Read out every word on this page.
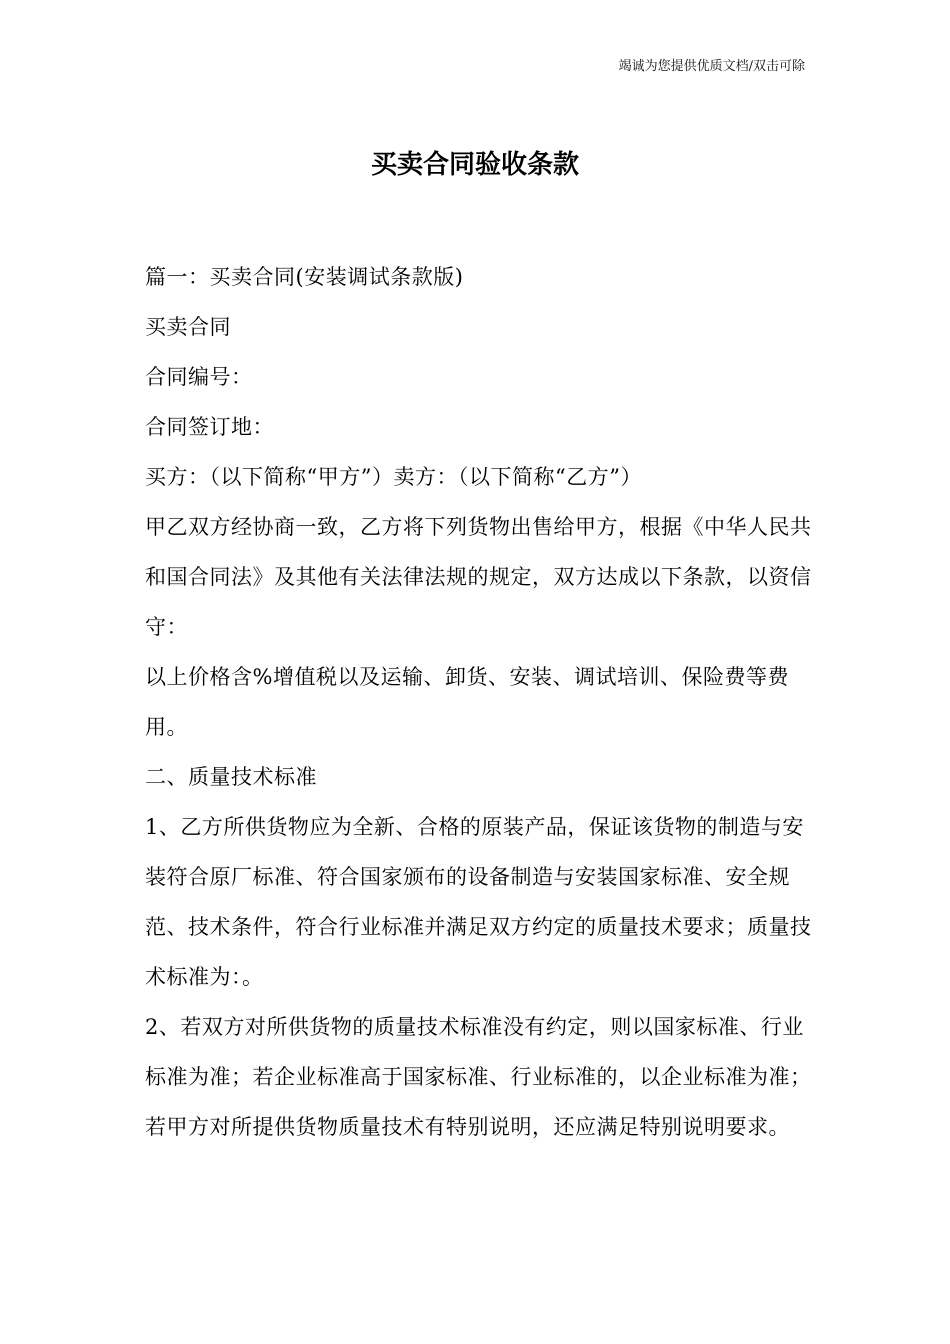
竭诚为您提供优质文档/双击可除
买卖合同验收条款

篇一：买卖合同(安装调试条款版)

买卖合同

合同编号：

合同签订地：

买方：（以下简称“甲方”）卖方：（以下简称“乙方”）

甲乙双方经协商一致，乙方将下列货物出售给甲方，根据《中华人民共和国合同法》及其他有关法律法规的规定，双方达成以下条款，以资信守：

以上价格含%增值税以及运输、卸货、安装、调试培训、保险费等费用。

二、质量技术标准

1、乙方所供货物应为全新、合格的原装产品，保证该货物的制造与安装符合原厂标准、符合国家颁布的设备制造与安装国家标准、安全规范、技术条件，符合行业标准并满足双方约定的质量技术要求；质量技术标准为：。

2、若双方对所供货物的质量技术标准没有约定，则以国家标准、行业标准为准；若企业标准高于国家标准、行业标准的，以企业标准为准；若甲方对所提供货物质量技术有特别说明，还应满足特别说明要求。
